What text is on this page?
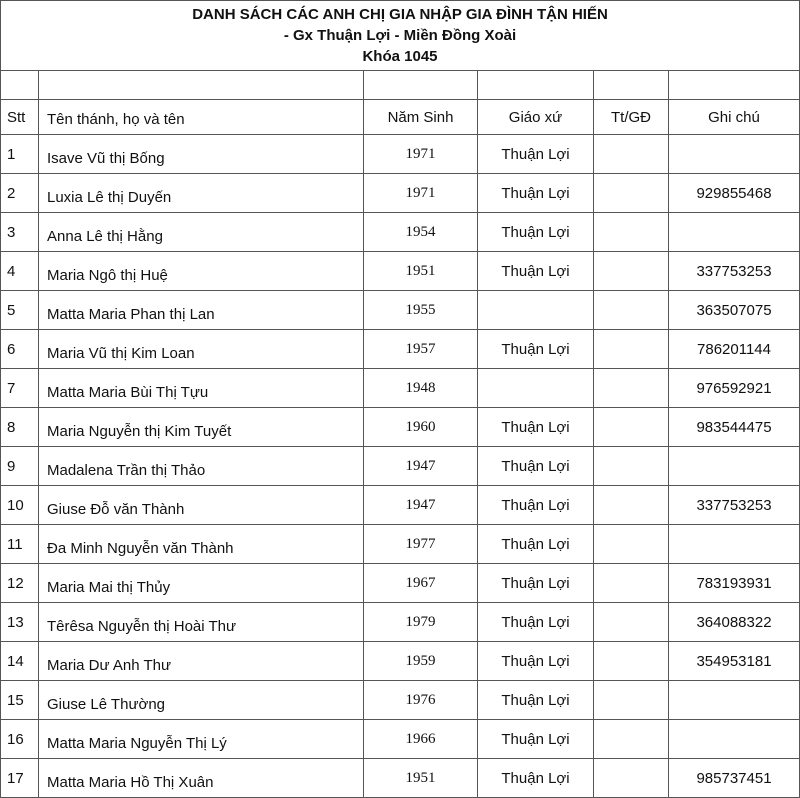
DANH SÁCH CÁC ANH CHỊ GIA NHẬP GIA ĐÌNH TẬN HIẾN

- Gx Thuận Lợi - Miền Đồng Xoài

Khóa 1045

Stt	Tên thánh, họ và tên	Năm Sinh	Giáo xứ	Tt/GĐ	Ghi chú
1	Isave Vũ thị Bống	1971	Thuận Lợi		
2	Luxia Lê thị Duyến	1971	Thuận Lợi		929855468
3	Anna Lê thị Hằng	1954	Thuận Lợi		
4	Maria Ngô thị Huệ	1951	Thuận Lợi		337753253
5	Matta Maria Phan thị Lan	1955			363507075
6	Maria Vũ thị Kim Loan	1957	Thuận Lợi		786201144
7	Matta Maria Bùi Thị Tựu	1948			976592921
8	Maria Nguyễn thị Kim Tuyết	1960	Thuận Lợi		983544475
9	Madalena Trần thị Thảo	1947	Thuận Lợi		
10	Giuse Đỗ văn Thành	1947	Thuận Lợi		337753253
11	Đa Minh Nguyễn văn Thành	1977	Thuận Lợi		
12	Maria Mai thị Thủy	1967	Thuận Lợi		783193931
13	Têrêsa Nguyễn thị Hoài Thư	1979	Thuận Lợi		364088322
14	Maria Dư Anh Thư	1959	Thuận Lợi		354953181
15	Giuse Lê Thường	1976	Thuận Lợi		
16	Matta Maria Nguyễn Thị Lý	1966	Thuận Lợi		
17	Matta Maria Hồ Thị Xuân	1951	Thuận Lợi		985737451
